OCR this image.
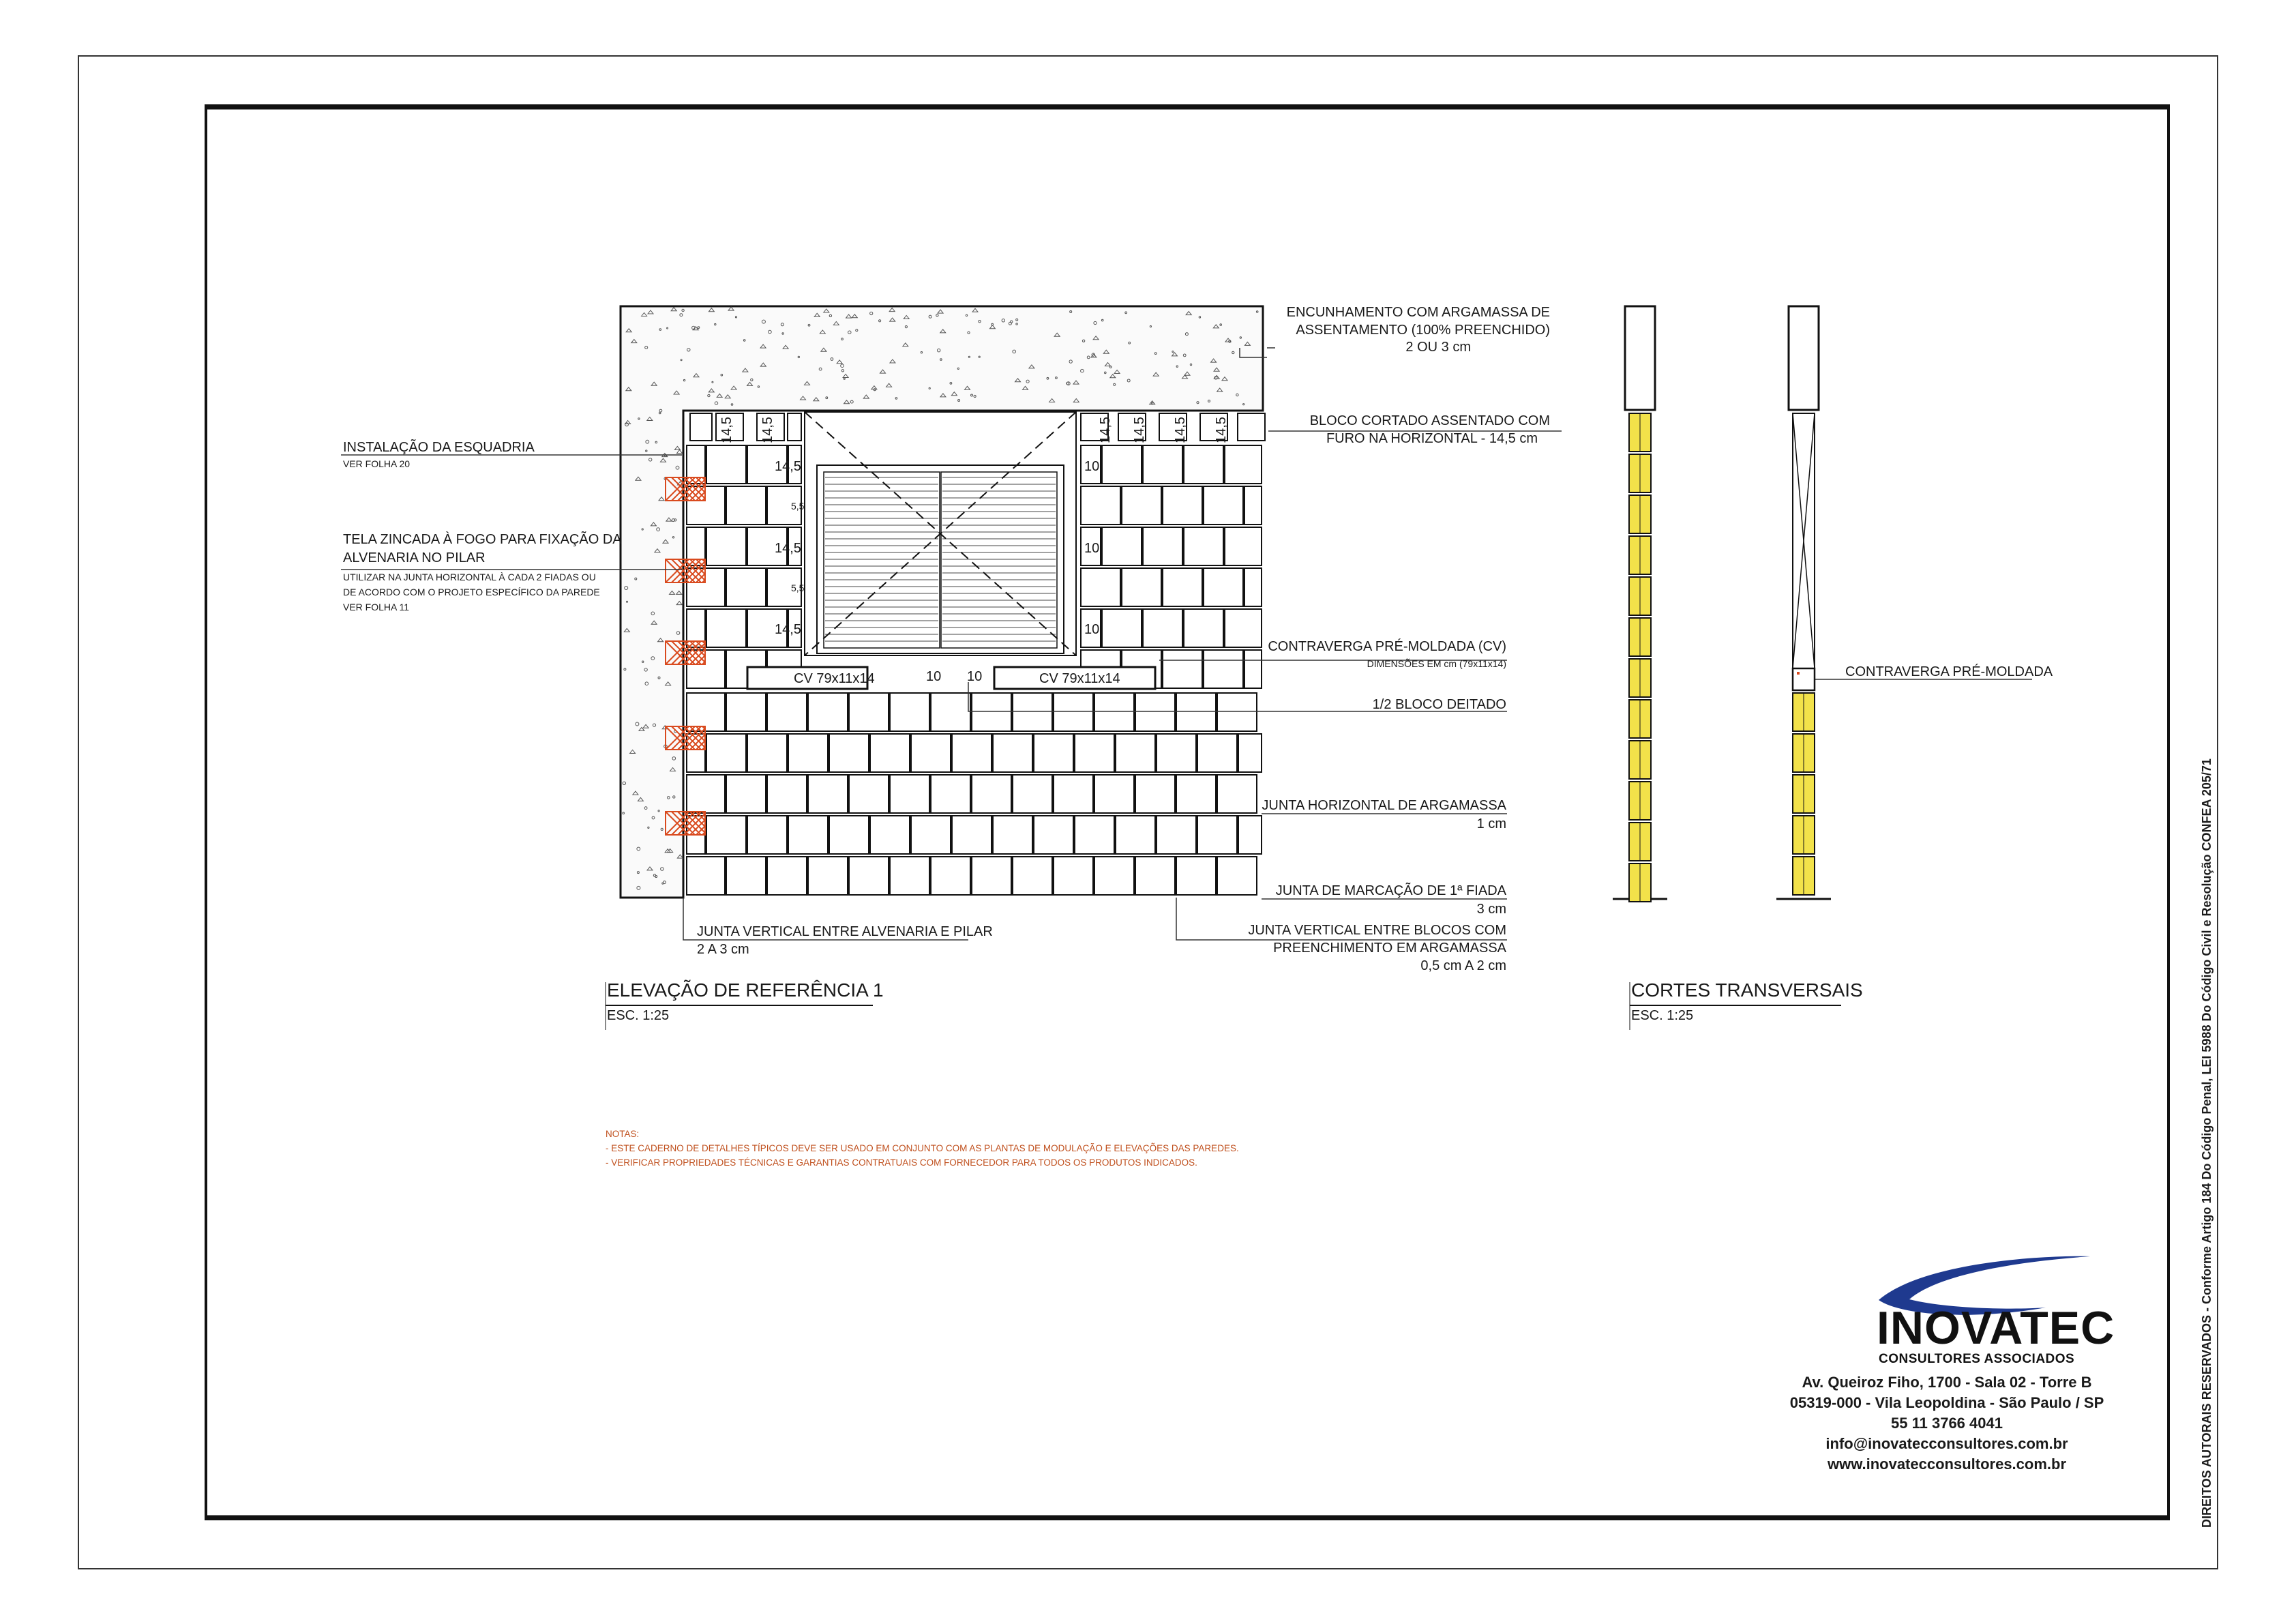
INSTALAÇÃO DA ESQUADRIA
VER FOLHA 20
TELA ZINCADA À FOGO PARA FIXAÇÃO DA
ALVENARIA NO PILAR
UTILIZAR NA JUNTA HORIZONTAL À CADA 2 FIADAS OU
DE ACORDO COM O PROJETO ESPECÍFICO DA PAREDE
VER FOLHA 11
ENCUNHAMENTO COM ARGAMASSA DE
ASSENTAMENTO (100% PREENCHIDO)
2 OU 3 cm
BLOCO CORTADO ASSENTADO COM
FURO NA HORIZONTAL - 14,5 cm
CONTRAVERGA PRÉ-MOLDADA (CV)
DIMENSÕES EM cm (79x11x14)
1/2 BLOCO DEITADO
JUNTA HORIZONTAL DE ARGAMASSA
1 cm
JUNTA DE MARCAÇÃO DE 1ª FIADA
3 cm
JUNTA VERTICAL ENTRE BLOCOS COM
PREENCHIMENTO EM ARGAMASSA
0,5 cm A 2 cm
JUNTA VERTICAL ENTRE ALVENARIA E PILAR
2 A 3 cm
CONTRAVERGA PRÉ-MOLDADA
14,5 14,5	14,5 14,5 14,5 14,5
14,5
14,5
14,5
10
10
10
5,5
5,5
CV 79x11x14	CV 79x11x14
10 10
ELEVAÇÃO DE REFERÊNCIA 1
ESC. 1:25
CORTES TRANSVERSAIS
ESC. 1:25
NOTAS:
- ESTE CADERNO DE DETALHES TÍPICOS DEVE SER USADO EM CONJUNTO COM AS PLANTAS DE MODULAÇÃO E ELEVAÇÕES DAS PAREDES.
- VERIFICAR PROPRIEDADES TÉCNICAS E GARANTIAS CONTRATUAIS COM FORNECEDOR PARA TODOS OS PRODUTOS INDICADOS.
INOVATEC
CONSULTORES ASSOCIADOS
Av. Queiroz Fiho, 1700 - Sala 02 - Torre B
05319-000 - Vila Leopoldina - São Paulo / SP
55 11 3766 4041
info@inovatecconsultores.com.br
www.inovatecconsultores.com.br	DIREITOS AUTORAIS RESERVADOS - Conforme Artigo 184 Do Código Penal, LEI 5988 Do Código Civil e Resolução CONFEA 205/71
